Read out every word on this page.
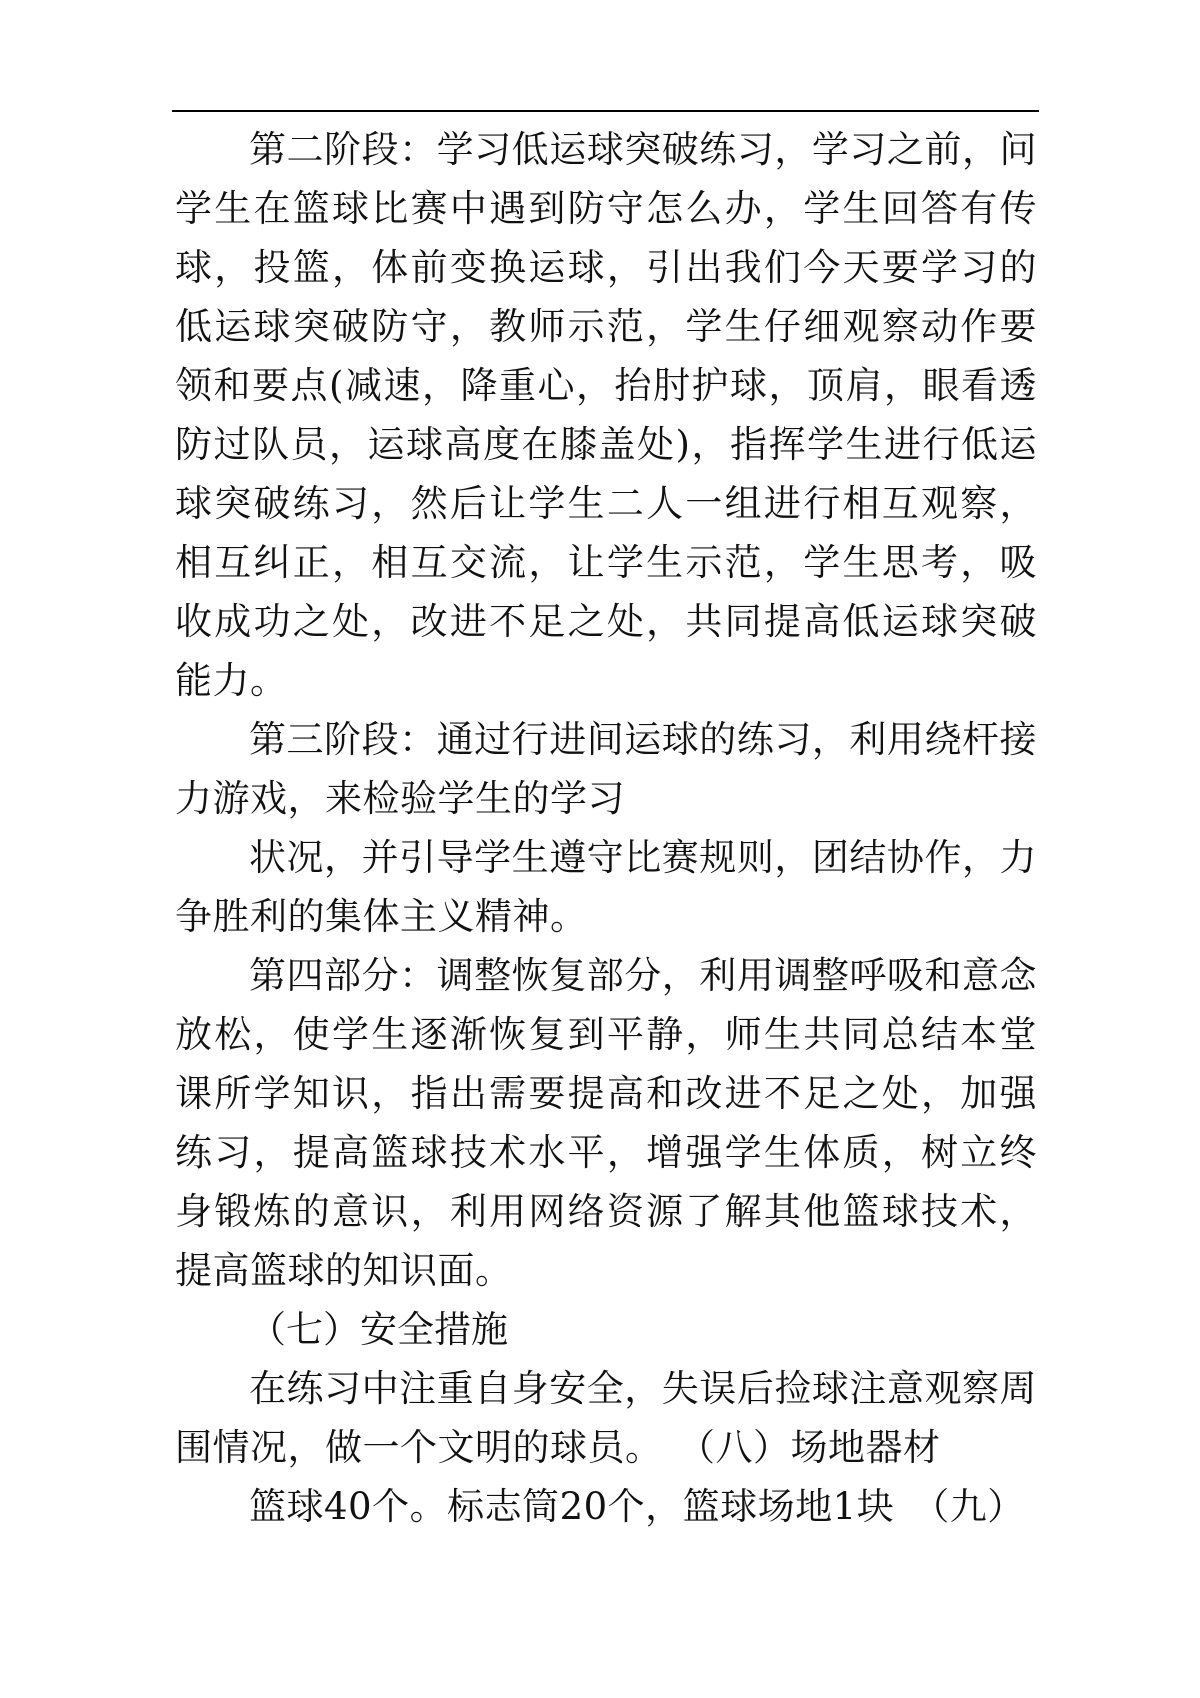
第二阶段：学习低运球突破练习，学习之前，问学生在篮球比赛中遇到防守怎么办，学生回答有传球，投篮，体前变换运球，引出我们今天要学习的低运球突破防守，教师示范，学生仔细观察动作要领和要点(减速，降重心，抬肘护球，顶肩，眼看透防过队员，运球高度在膝盖处)，指挥学生进行低运球突破练习，然后让学生二人一组进行相互观察，相互纠正，相互交流，让学生示范，学生思考，吸收成功之处，改进不足之处，共同提高低运球突破能力。

第三阶段：通过行进间运球的练习，利用绕杆接力游戏，来检验学生的学习

状况，并引导学生遵守比赛规则，团结协作，力争胜利的集体主义精神。

第四部分：调整恢复部分，利用调整呼吸和意念放松，使学生逐渐恢复到平静，师生共同总结本堂课所学知识，指出需要提高和改进不足之处，加强练习，提高篮球技术水平，增强学生体质，树立终身锻炼的意识，利用网络资源了解其他篮球技术，提高篮球的知识面。

（七）安全措施

在练习中注重自身安全，失误后捡球注意观察周围情况，做一个文明的球员。 （八）场地器材

篮球40个。标志筒20个，篮球场地1块 （九）
